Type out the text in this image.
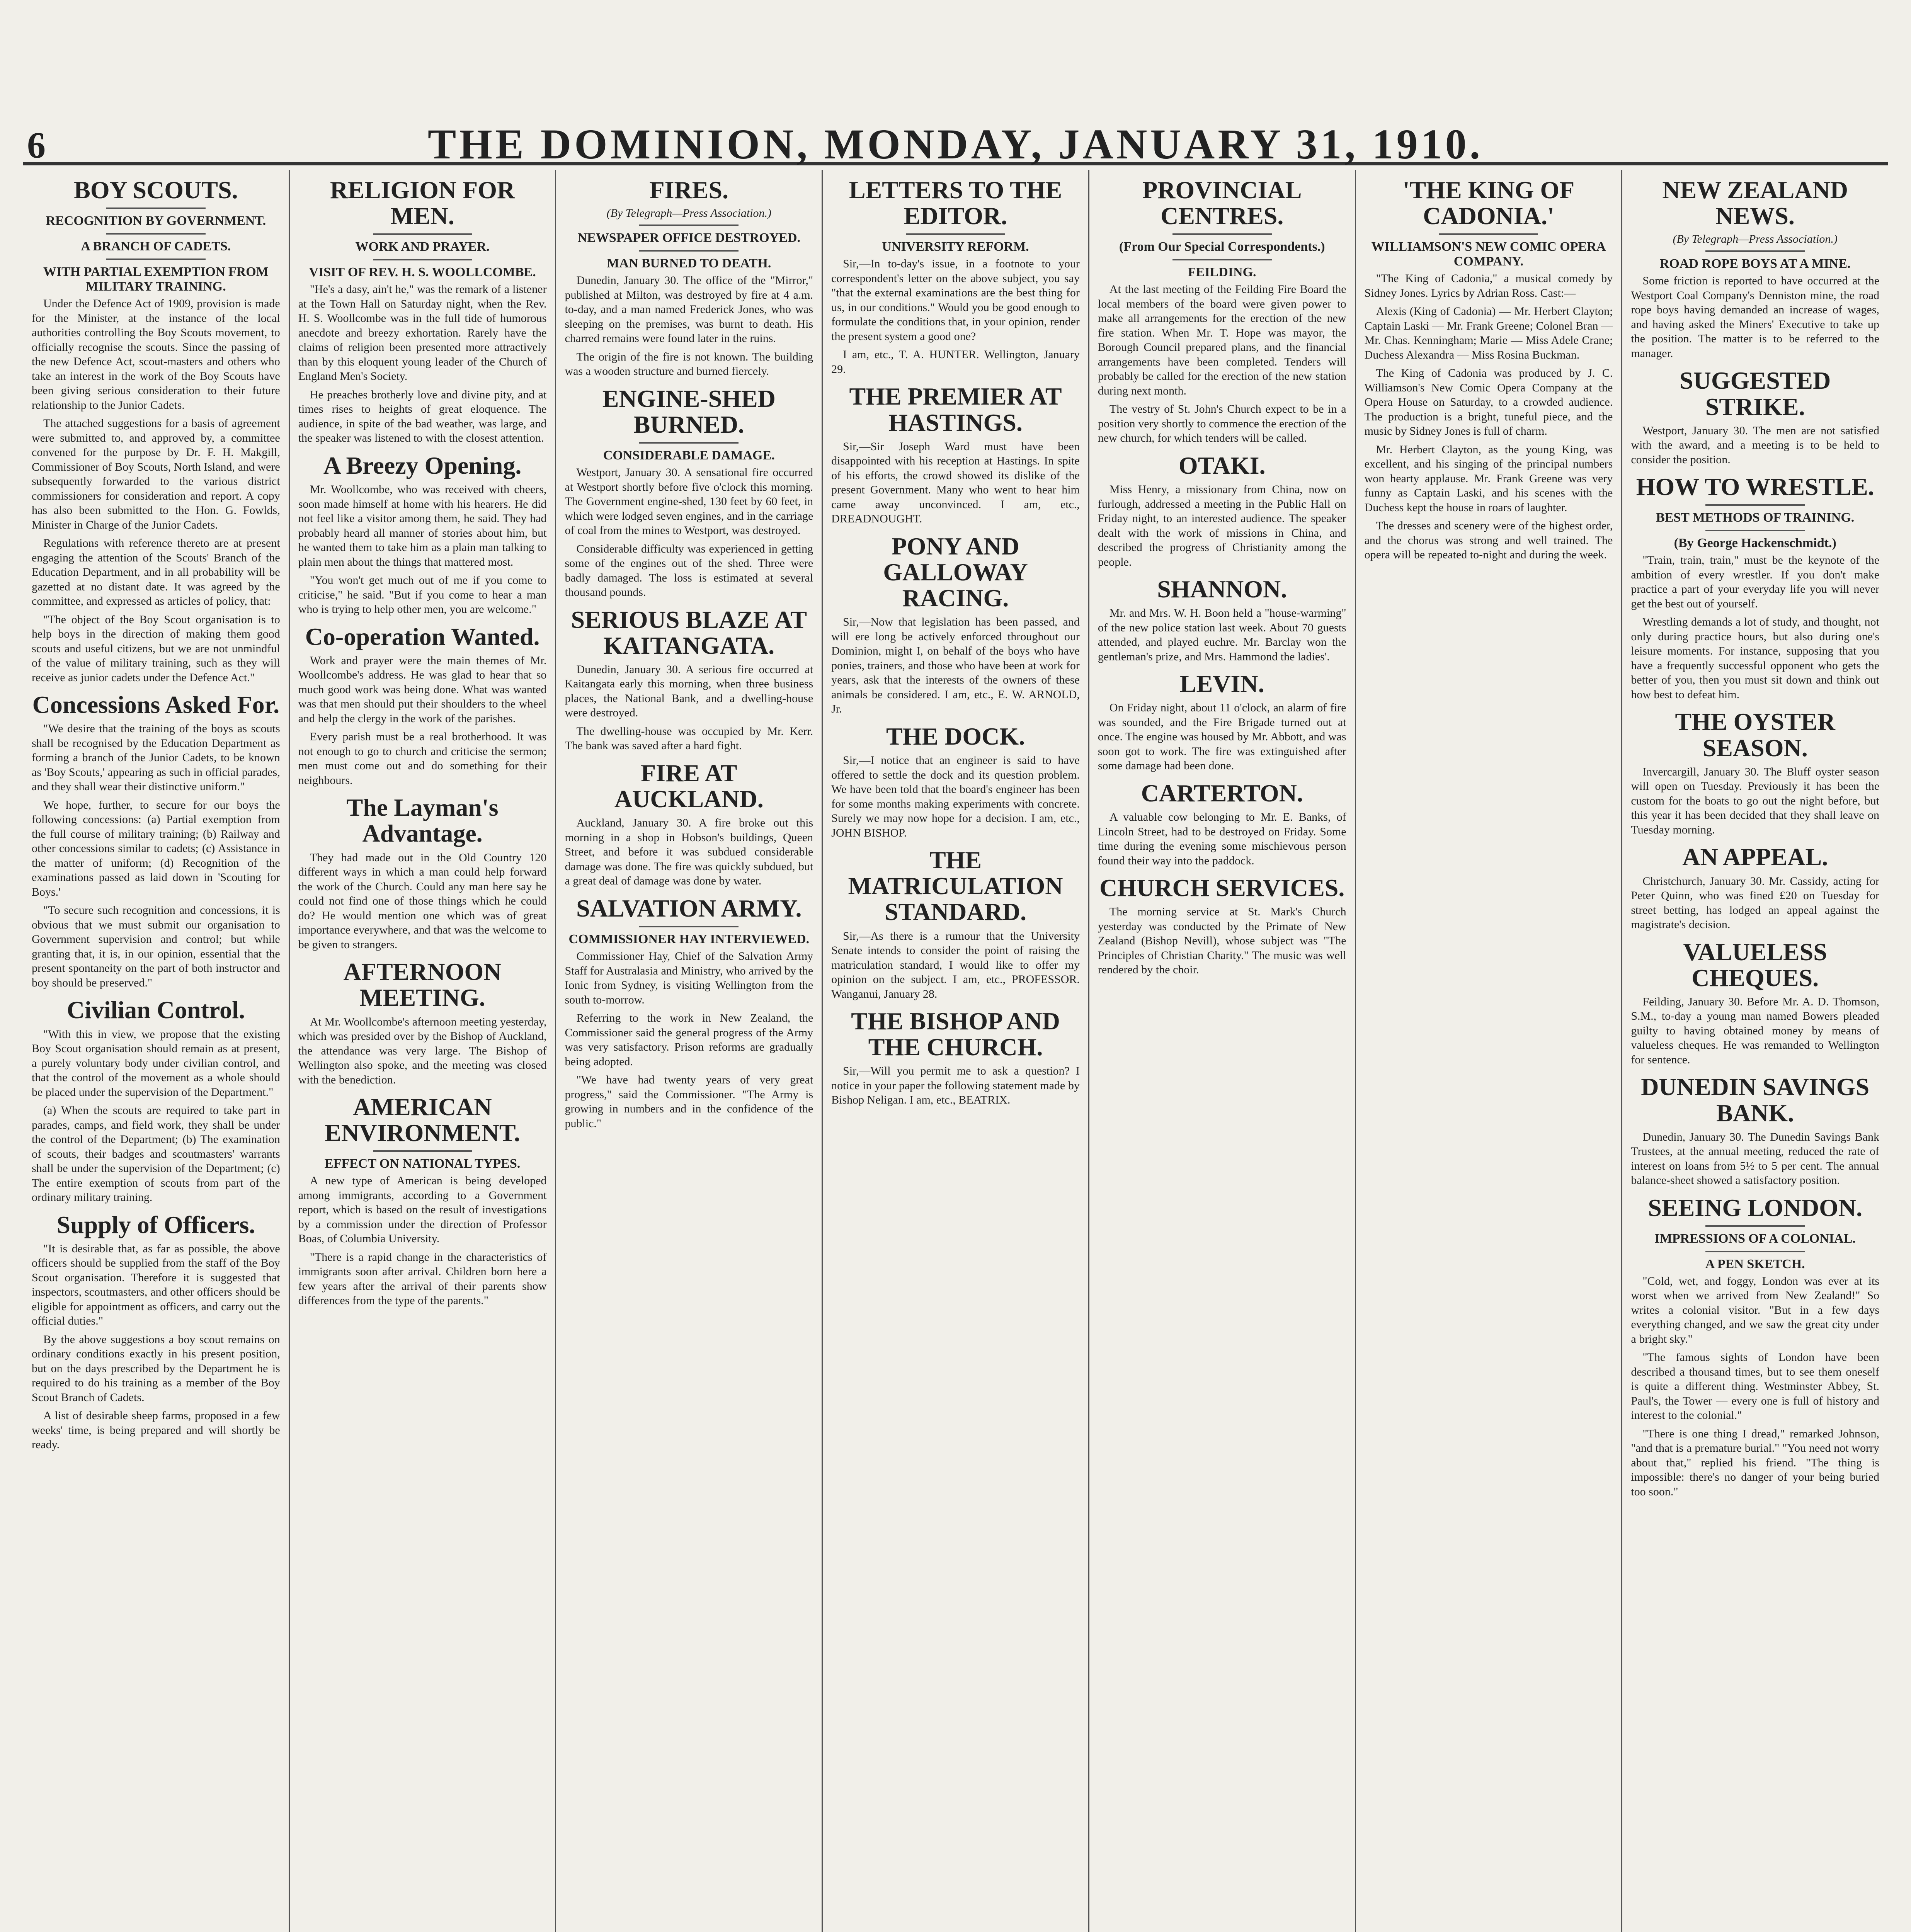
6	THE DOMINION, MONDAY, JANUARY 31, 1910.
BOY SCOUTS.
RECOGNITION BY GOVERNMENT.
A BRANCH OF CADETS.
WITH PARTIAL EXEMPTION FROM MILITARY TRAINING.

Under the Defence Act of 1909, provision is made for the Minister, at the instance of the local authorities controlling the Boy Scouts movement, to officially recognise the scouts. Since the passing of the new Defence Act, scout-masters and others who take an interest in the work of the Boy Scouts have been giving serious consideration to their future relationship to the Junior Cadets.

The attached suggestions for a basis of agreement were submitted to, and approved by, a committee convened for the purpose by Dr. F. H. Makgill, Commissioner of Boy Scouts, North Island, and were subsequently forwarded to the various district commissioners for consideration and report. A copy has also been submitted to the Hon. G. Fowlds, Minister in Charge of the Junior Cadets.

Regulations with reference thereto are at present engaging the attention of the Scouts' Branch of the Education Department, and in all probability will be gazetted at no distant date. It was agreed by the committee, and expressed as articles of policy, that:

"The object of the Boy Scout organisation is to help boys in the direction of making them good scouts and useful citizens, but we are not unmindful of the value of military training, such as they will receive as junior cadets under the Defence Act."

Concessions Asked For.

"We desire that the training of the boys as scouts shall be recognised by the Education Department as forming a branch of the Junior Cadets, to be known as 'Boy Scouts,' appearing as such in official parades, and they shall wear their distinctive uniform."

We hope, further, to secure for our boys the following concessions: (a) Partial exemption from the full course of military training; (b) Railway and other concessions similar to cadets; (c) Assistance in the matter of uniform; (d) Recognition of the examinations passed as laid down in 'Scouting for Boys.'

"To secure such recognition and concessions, it is obvious that we must submit our organisation to Government supervision and control; but while granting that, it is, in our opinion, essential that the present spontaneity on the part of both instructor and boy should be preserved."

Civilian Control.

"With this in view, we propose that the existing Boy Scout organisation should remain as at present, a purely voluntary body under civilian control, and that the control of the movement as a whole should be placed under the supervision of the Department."

(a) When the scouts are required to take part in parades, camps, and field work, they shall be under the control of the Department; (b) The examination of scouts, their badges and scoutmasters' warrants shall be under the supervision of the Department; (c) The entire exemption of scouts from part of the ordinary military training.

Supply of Officers.

"It is desirable that, as far as possible, the above officers should be supplied from the staff of the Boy Scout organisation. Therefore it is suggested that inspectors, scoutmasters, and other officers should be eligible for appointment as officers, and carry out the official duties."

By the above suggestions a boy scout remains on ordinary conditions exactly in his present position, but on the days prescribed by the Department he is required to do his training as a member of the Boy Scout Branch of Cadets.

A list of desirable sheep farms, proposed in a few weeks' time, is being prepared and will shortly be ready.

RELIGION FOR MEN.
WORK AND PRAYER.
VISIT OF REV. H. S. WOOLLCOMBE.

"He's a dasy, ain't he," was the remark of a listener at the Town Hall on Saturday night, when the Rev. H. S. Woollcombe was in the full tide of humorous anecdote and breezy exhortation. Rarely have the claims of religion been presented more attractively than by this eloquent young leader of the Church of England Men's Society.

He preaches brotherly love and divine pity, and at times rises to heights of great eloquence. The audience, in spite of the bad weather, was large, and the speaker was listened to with the closest attention.

A Breezy Opening.

Mr. Woollcombe, who was received with cheers, soon made himself at home with his hearers. He did not feel like a visitor among them, he said. They had probably heard all manner of stories about him, but he wanted them to take him as a plain man talking to plain men about the things that mattered most.

"You won't get much out of me if you come to criticise," he said. "But if you come to hear a man who is trying to help other men, you are welcome."

Co-operation Wanted.

Work and prayer were the main themes of Mr. Woollcombe's address. He was glad to hear that so much good work was being done. What was wanted was that men should put their shoulders to the wheel and help the clergy in the work of the parishes.

Every parish must be a real brotherhood. It was not enough to go to church and criticise the sermon; men must come out and do something for their neighbours.

The Layman's Advantage.

They had made out in the Old Country 120 different ways in which a man could help forward the work of the Church. Could any man here say he could not find one of those things which he could do? He would mention one which was of great importance everywhere, and that was the welcome to be given to strangers.

AFTERNOON MEETING.

At Mr. Woollcombe's afternoon meeting yesterday, which was presided over by the Bishop of Auckland, the attendance was very large. The Bishop of Wellington also spoke, and the meeting was closed with the benediction.

AMERICAN ENVIRONMENT.
EFFECT ON NATIONAL TYPES.

A new type of American is being developed among immigrants, according to a Government report, which is based on the result of investigations by a commission under the direction of Professor Boas, of Columbia University.

"There is a rapid change in the characteristics of immigrants soon after arrival. Children born here a few years after the arrival of their parents show differences from the type of the parents."

FIRES.
(By Telegraph—Press Association.)
NEWSPAPER OFFICE DESTROYED.
MAN BURNED TO DEATH.

Dunedin, January 30. The office of the "Mirror," published at Milton, was destroyed by fire at 4 a.m. to-day, and a man named Frederick Jones, who was sleeping on the premises, was burnt to death. His charred remains were found later in the ruins.

The origin of the fire is not known. The building was a wooden structure and burned fiercely.

ENGINE-SHED BURNED.
CONSIDERABLE DAMAGE.

Westport, January 30. A sensational fire occurred at Westport shortly before five o'clock this morning. The Government engine-shed, 130 feet by 60 feet, in which were lodged seven engines, and in the carriage of coal from the mines to Westport, was destroyed.

Considerable difficulty was experienced in getting some of the engines out of the shed. Three were badly damaged. The loss is estimated at several thousand pounds.

SERIOUS BLAZE AT KAITANGATA.

Dunedin, January 30. A serious fire occurred at Kaitangata early this morning, when three business places, the National Bank, and a dwelling-house were destroyed.

The dwelling-house was occupied by Mr. Kerr. The bank was saved after a hard fight.

FIRE AT AUCKLAND.

Auckland, January 30. A fire broke out this morning in a shop in Hobson's buildings, Queen Street, and before it was subdued considerable damage was done. The fire was quickly subdued, but a great deal of damage was done by water.

SALVATION ARMY.
COMMISSIONER HAY INTERVIEWED.

Commissioner Hay, Chief of the Salvation Army Staff for Australasia and Ministry, who arrived by the Ionic from Sydney, is visiting Wellington from the south to-morrow.

Referring to the work in New Zealand, the Commissioner said the general progress of the Army was very satisfactory. Prison reforms are gradually being adopted.

"We have had twenty years of very great progress," said the Commissioner. "The Army is growing in numbers and in the confidence of the public."

LETTERS TO THE EDITOR.
UNIVERSITY REFORM.

Sir,—In to-day's issue, in a footnote to your correspondent's letter on the above subject, you say "that the external examinations are the best thing for us, in our conditions." Would you be good enough to formulate the conditions that, in your opinion, render the present system a good one?

I am, etc., T. A. HUNTER. Wellington, January 29.

THE PREMIER AT HASTINGS.

Sir,—Sir Joseph Ward must have been disappointed with his reception at Hastings. In spite of his efforts, the crowd showed its dislike of the present Government. Many who went to hear him came away unconvinced. I am, etc., DREADNOUGHT.

PONY AND GALLOWAY RACING.

Sir,—Now that legislation has been passed, and will ere long be actively enforced throughout our Dominion, might I, on behalf of the boys who have ponies, trainers, and those who have been at work for years, ask that the interests of the owners of these animals be considered. I am, etc., E. W. ARNOLD, Jr.

THE DOCK.

Sir,—I notice that an engineer is said to have offered to settle the dock and its question problem. We have been told that the board's engineer has been for some months making experiments with concrete. Surely we may now hope for a decision. I am, etc., JOHN BISHOP.

THE MATRICULATION STANDARD.

Sir,—As there is a rumour that the University Senate intends to consider the point of raising the matriculation standard, I would like to offer my opinion on the subject. I am, etc., PROFESSOR. Wanganui, January 28.

THE BISHOP AND THE CHURCH.

Sir,—Will you permit me to ask a question? I notice in your paper the following statement made by Bishop Neligan. I am, etc., BEATRIX.

PROVINCIAL CENTRES.
(From Our Special Correspondents.)
FEILDING.

At the last meeting of the Feilding Fire Board the local members of the board were given power to make all arrangements for the erection of the new fire station. When Mr. T. Hope was mayor, the Borough Council prepared plans, and the financial arrangements have been completed. Tenders will probably be called for the erection of the new station during next month.

The vestry of St. John's Church expect to be in a position very shortly to commence the erection of the new church, for which tenders will be called.

OTAKI.

Miss Henry, a missionary from China, now on furlough, addressed a meeting in the Public Hall on Friday night, to an interested audience. The speaker dealt with the work of missions in China, and described the progress of Christianity among the people.

SHANNON.

Mr. and Mrs. W. H. Boon held a "house-warming" of the new police station last week. About 70 guests attended, and played euchre. Mr. Barclay won the gentleman's prize, and Mrs. Hammond the ladies'.

LEVIN.

On Friday night, about 11 o'clock, an alarm of fire was sounded, and the Fire Brigade turned out at once. The engine was housed by Mr. Abbott, and was soon got to work. The fire was extinguished after some damage had been done.

CARTERTON.

A valuable cow belonging to Mr. E. Banks, of Lincoln Street, had to be destroyed on Friday. Some time during the evening some mischievous person found their way into the paddock.

CHURCH SERVICES.

The morning service at St. Mark's Church yesterday was conducted by the Primate of New Zealand (Bishop Nevill), whose subject was "The Principles of Christian Charity." The music was well rendered by the choir.

'THE KING OF CADONIA.'
WILLIAMSON'S NEW COMIC OPERA COMPANY.

"The King of Cadonia," a musical comedy by Sidney Jones. Lyrics by Adrian Ross. Cast:—

Alexis (King of Cadonia) — Mr. Herbert Clayton; Captain Laski — Mr. Frank Greene; Colonel Bran — Mr. Chas. Kenningham; Marie — Miss Adele Crane; Duchess Alexandra — Miss Rosina Buckman.

The King of Cadonia was produced by J. C. Williamson's New Comic Opera Company at the Opera House on Saturday, to a crowded audience. The production is a bright, tuneful piece, and the music by Sidney Jones is full of charm.

Mr. Herbert Clayton, as the young King, was excellent, and his singing of the principal numbers won hearty applause. Mr. Frank Greene was very funny as Captain Laski, and his scenes with the Duchess kept the house in roars of laughter.

The dresses and scenery were of the highest order, and the chorus was strong and well trained. The opera will be repeated to-night and during the week.

NEW ZEALAND NEWS.
(By Telegraph—Press Association.)
ROAD ROPE BOYS AT A MINE.

Some friction is reported to have occurred at the Westport Coal Company's Denniston mine, the road rope boys having demanded an increase of wages, and having asked the Miners' Executive to take up the position. The matter is to be referred to the manager.

SUGGESTED STRIKE.

Westport, January 30. The men are not satisfied with the award, and a meeting is to be held to consider the position.

HOW TO WRESTLE.
BEST METHODS OF TRAINING.
(By George Hackenschmidt.)

"Train, train, train," must be the keynote of the ambition of every wrestler. If you don't make practice a part of your everyday life you will never get the best out of yourself.

Wrestling demands a lot of study, and thought, not only during practice hours, but also during one's leisure moments. For instance, supposing that you have a frequently successful opponent who gets the better of you, then you must sit down and think out how best to defeat him.

THE OYSTER SEASON.

Invercargill, January 30. The Bluff oyster season will open on Tuesday. Previously it has been the custom for the boats to go out the night before, but this year it has been decided that they shall leave on Tuesday morning.

AN APPEAL.

Christchurch, January 30. Mr. Cassidy, acting for Peter Quinn, who was fined £20 on Tuesday for street betting, has lodged an appeal against the magistrate's decision.

VALUELESS CHEQUES.

Feilding, January 30. Before Mr. A. D. Thomson, S.M., to-day a young man named Bowers pleaded guilty to having obtained money by means of valueless cheques. He was remanded to Wellington for sentence.

DUNEDIN SAVINGS BANK.

Dunedin, January 30. The Dunedin Savings Bank Trustees, at the annual meeting, reduced the rate of interest on loans from 5½ to 5 per cent. The annual balance-sheet showed a satisfactory position.

SEEING LONDON.
IMPRESSIONS OF A COLONIAL.
A PEN SKETCH.

"Cold, wet, and foggy, London was ever at its worst when we arrived from New Zealand!" So writes a colonial visitor. "But in a few days everything changed, and we saw the great city under a bright sky."

"The famous sights of London have been described a thousand times, but to see them oneself is quite a different thing. Westminster Abbey, St. Paul's, the Tower — every one is full of history and interest to the colonial."

"There is one thing I dread," remarked Johnson, "and that is a premature burial." "You need not worry about that," replied his friend. "The thing is impossible: there's no danger of your being buried too soon."
